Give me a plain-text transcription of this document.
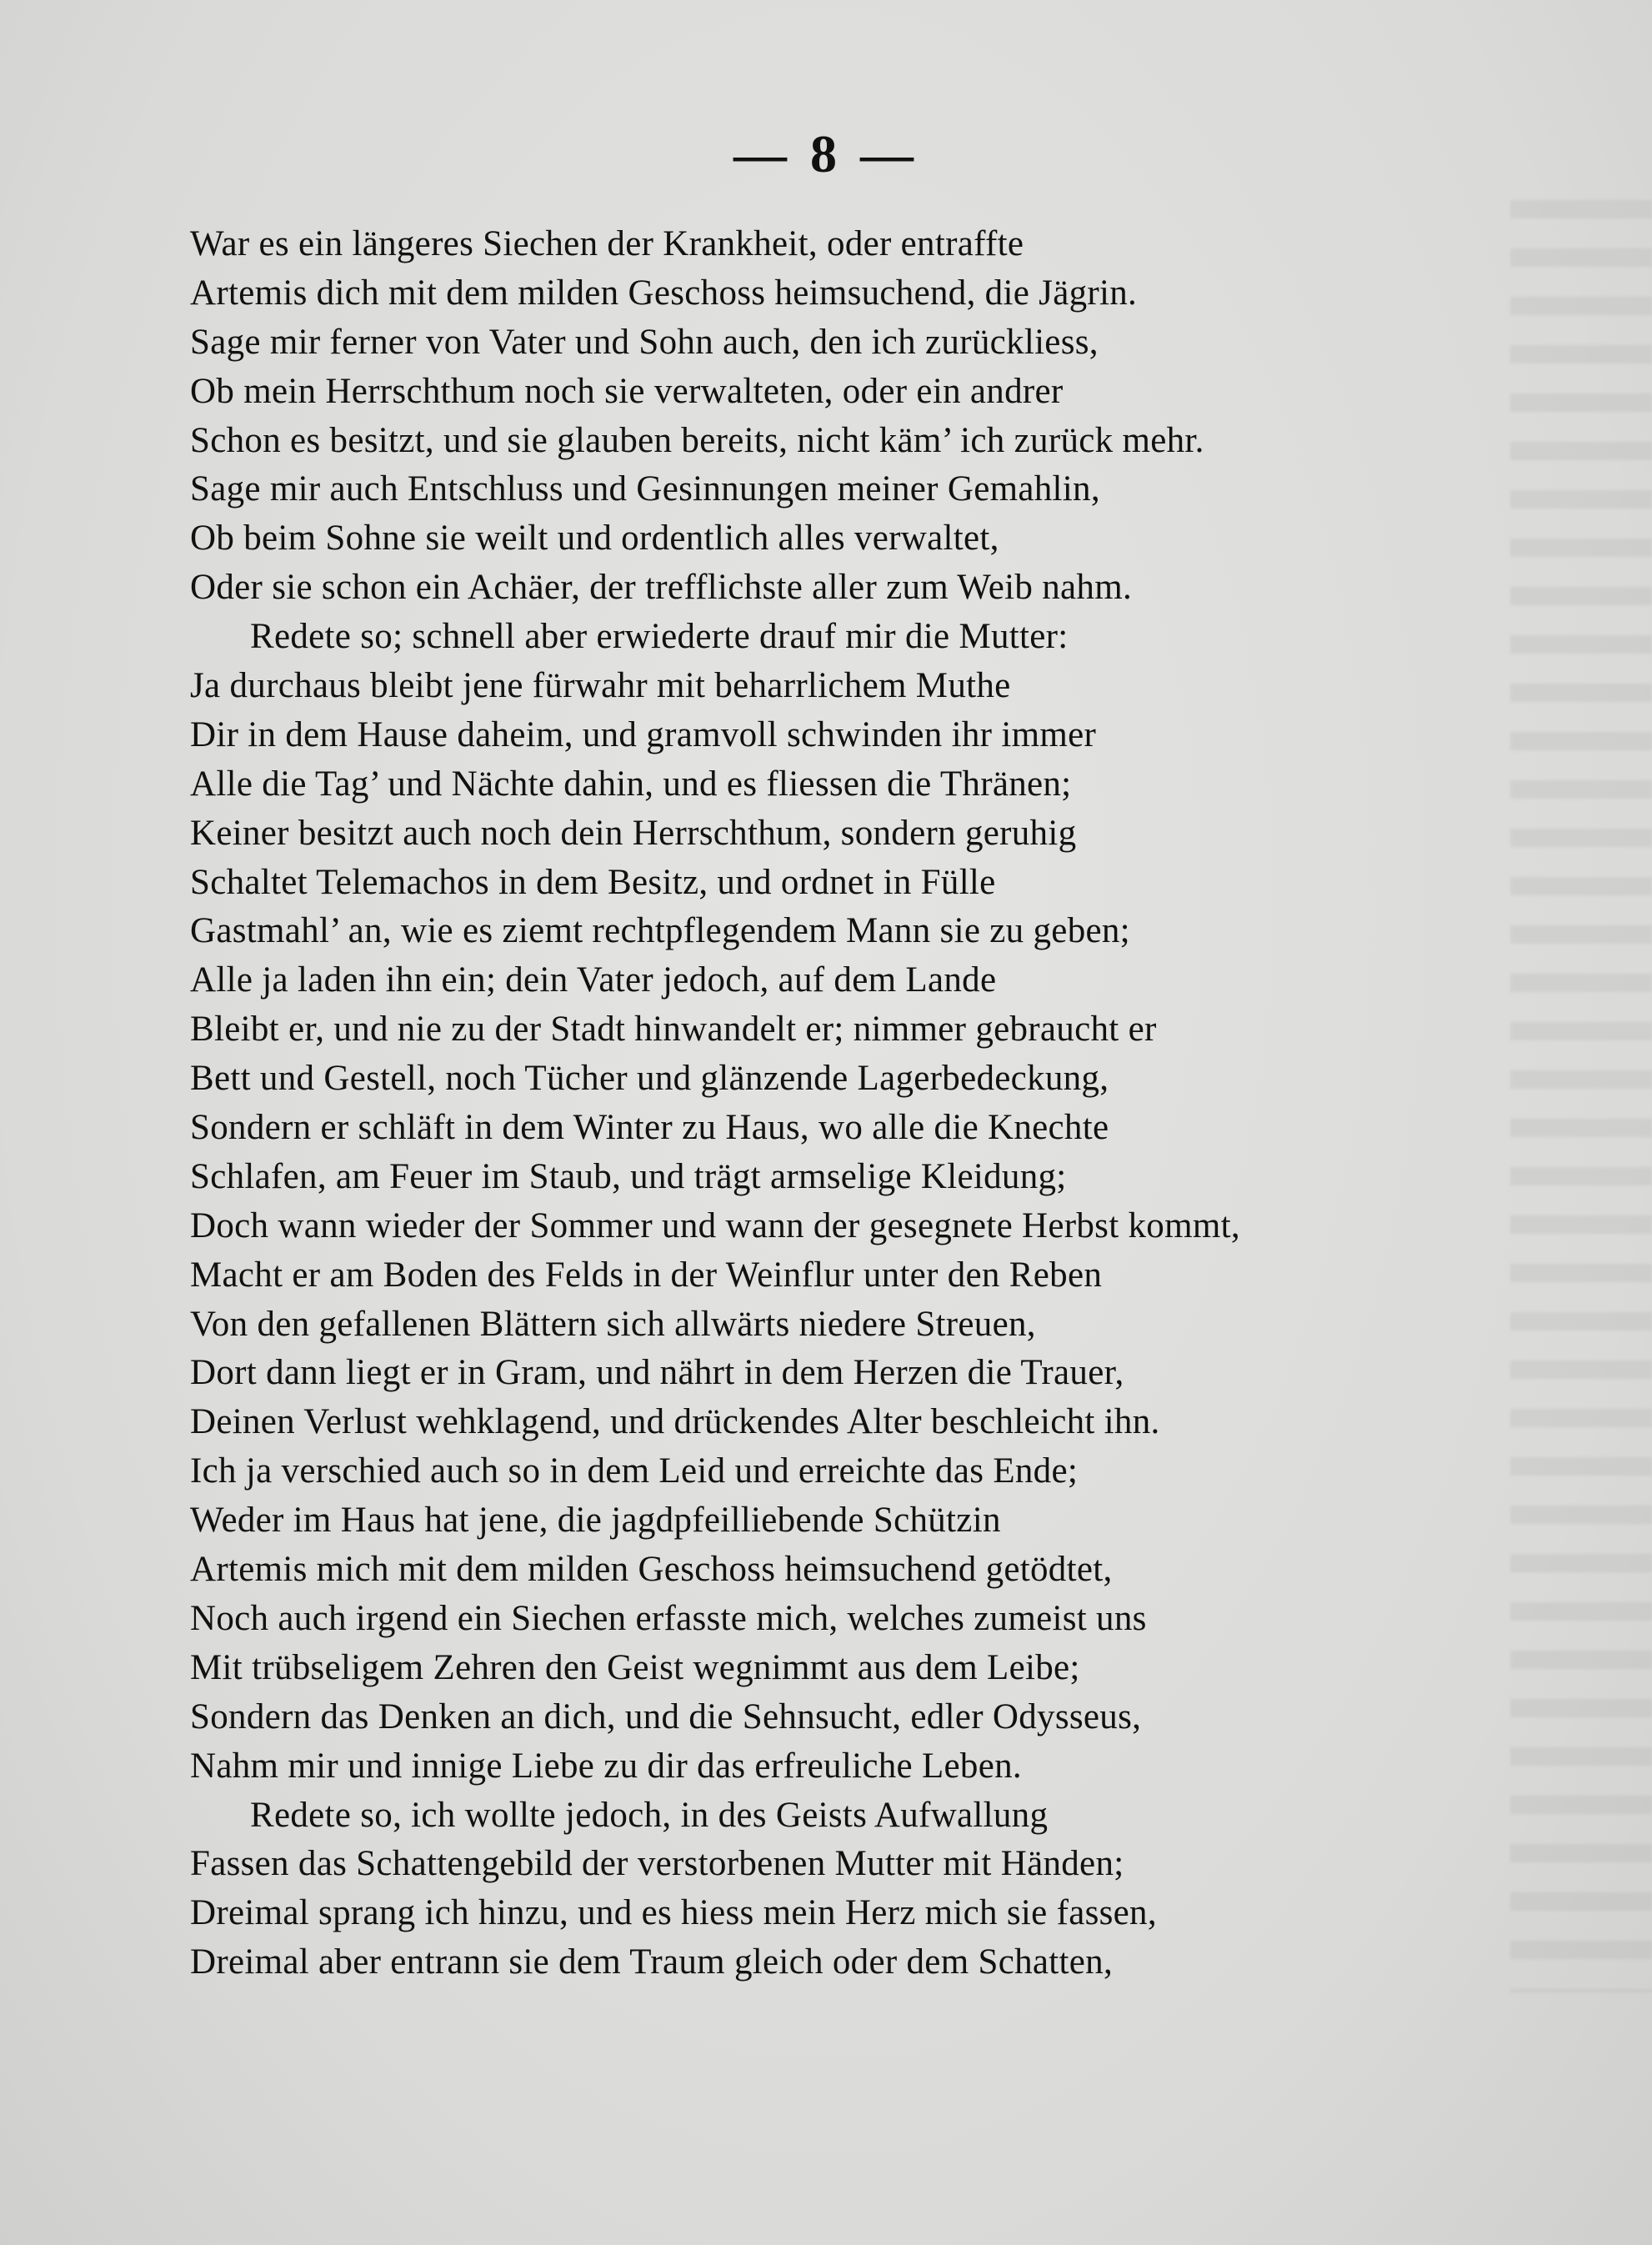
— 8 —
War es ein längeres Siechen der Krankheit, oder entraffte
Artemis dich mit dem milden Geschoss heimsuchend, die Jägrin.
Sage mir ferner von Vater und Sohn auch, den ich zurückliess,
Ob mein Herrschthum noch sie verwalteten, oder ein andrer
Schon es besitzt, und sie glauben bereits, nicht käm’ ich zurück mehr.
Sage mir auch Entschluss und Gesinnungen meiner Gemahlin,
Ob beim Sohne sie weilt und ordentlich alles verwaltet,
Oder sie schon ein Achäer, der trefflichste aller zum Weib nahm.
Redete so; schnell aber erwiederte drauf mir die Mutter:
Ja durchaus bleibt jene fürwahr mit beharrlichem Muthe
Dir in dem Hause daheim, und gramvoll schwinden ihr immer
Alle die Tag’ und Nächte dahin, und es fliessen die Thränen;
Keiner besitzt auch noch dein Herrschthum, sondern geruhig
Schaltet Telemachos in dem Besitz, und ordnet in Fülle
Gastmahl’ an, wie es ziemt rechtpflegendem Mann sie zu geben;
Alle ja laden ihn ein; dein Vater jedoch, auf dem Lande
Bleibt er, und nie zu der Stadt hinwandelt er; nimmer gebraucht er
Bett und Gestell, noch Tücher und glänzende Lagerbedeckung,
Sondern er schläft in dem Winter zu Haus, wo alle die Knechte
Schlafen, am Feuer im Staub, und trägt armselige Kleidung;
Doch wann wieder der Sommer und wann der gesegnete Herbst kommt,
Macht er am Boden des Felds in der Weinflur unter den Reben
Von den gefallenen Blättern sich allwärts niedere Streuen,
Dort dann liegt er in Gram, und nährt in dem Herzen die Trauer,
Deinen Verlust wehklagend, und drückendes Alter beschleicht ihn.
Ich ja verschied auch so in dem Leid und erreichte das Ende;
Weder im Haus hat jene, die jagdpfeilliebende Schützin
Artemis mich mit dem milden Geschoss heimsuchend getödtet,
Noch auch irgend ein Siechen erfasste mich, welches zumeist uns
Mit trübseligem Zehren den Geist wegnimmt aus dem Leibe;
Sondern das Denken an dich, und die Sehnsucht, edler Odysseus,
Nahm mir und innige Liebe zu dir das erfreuliche Leben.
Redete so, ich wollte jedoch, in des Geists Aufwallung
Fassen das Schattengebild der verstorbenen Mutter mit Händen;
Dreimal sprang ich hinzu, und es hiess mein Herz mich sie fassen,
Dreimal aber entrann sie dem Traum gleich oder dem Schatten,
